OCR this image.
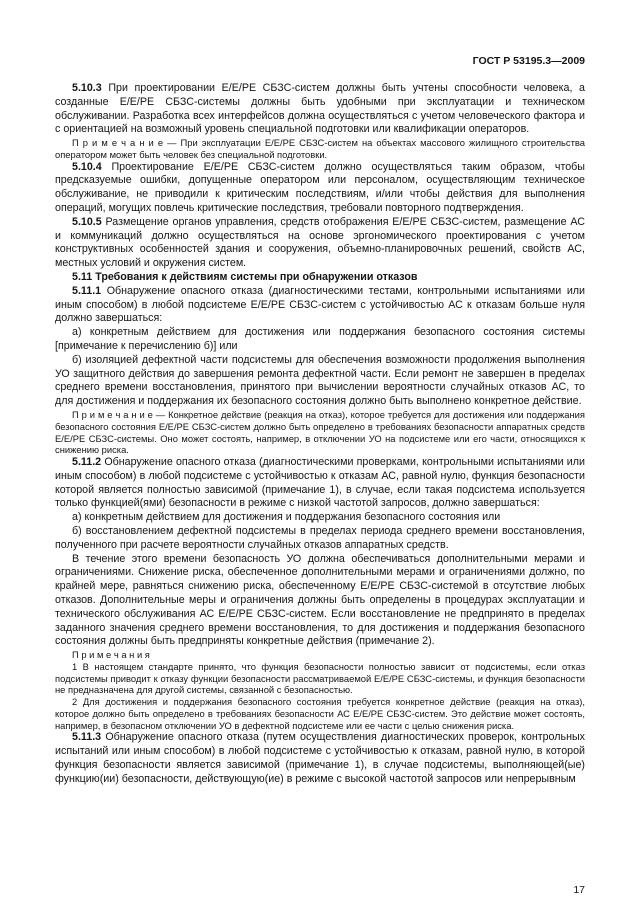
ГОСТ Р 53195.3—2009

5.10.3 При проектировании Е/Е/РЕ СБЗС-систем должны быть учтены способности человека, а созданные Е/Е/РЕ СБЗС-системы должны быть удобными при эксплуатации и техническом обслуживании. Разработка всех интерфейсов должна осуществляться с учетом человеческого фактора и с ориентацией на возможный уровень специальной подготовки или квалификации операторов.

П р и м е ч а н и е — При эксплуатации Е/Е/РЕ СБЗС-систем на объектах массового жилищного строительства оператором может быть человек без специальной подготовки.

5.10.4 Проектирование Е/Е/РЕ СБЗС-систем должно осуществляться таким образом, чтобы предсказуемые ошибки, допущенные оператором или персоналом, осуществляющим техническое обслуживание, не приводили к критическим последствиям, и/или чтобы действия для выполнения операций, могущих повлечь критические последствия, требовали повторного подтверждения.

5.10.5 Размещение органов управления, средств отображения Е/Е/РЕ СБЗС-систем, размещение АС и коммуникаций должно осуществляться на основе эргономического проектирования с учетом конструктивных особенностей здания и сооружения, объемно-планировочных решений, свойств АС, местных условий и окружения систем.

5.11 Требования к действиям системы при обнаружении отказов

5.11.1 Обнаружение опасного отказа (диагностическими тестами, контрольными испытаниями или иным способом) в любой подсистеме Е/Е/РЕ СБЗС-систем с устойчивостью АС к отказам больше нуля должно завершаться:

а) конкретным действием для достижения или поддержания безопасного состояния системы [примечание к перечислению б)] или

б) изоляцией дефектной части подсистемы для обеспечения возможности продолжения выполнения УО защитного действия до завершения ремонта дефектной части. Если ремонт не завершен в пределах среднего времени восстановления, принятого при вычислении вероятности случайных отказов АС, то для достижения и поддержания их безопасного состояния должно быть выполнено конкретное действие.

П р и м е ч а н и е — Конкретное действие (реакция на отказ), которое требуется для достижения или поддержания безопасного состояния Е/Е/РЕ СБЗС-систем должно быть определено в требованиях безопасности аппаратных средств Е/Е/РЕ СБЗС-системы. Оно может состоять, например, в отключении УО на подсистеме или его части, относящихся к снижению риска.

5.11.2 Обнаружение опасного отказа (диагностическими проверками, контрольными испытаниями или иным способом) в любой подсистеме с устойчивостью к отказам АС, равной нулю, функция безопасности которой является полностью зависимой (примечание 1), в случае, если такая подсистема используется только функцией(ями) безопасности в режиме с низкой частотой запросов, должно завершаться:

а) конкретным действием для достижения и поддержания безопасного состояния или

б) восстановлением дефектной подсистемы в пределах периода среднего времени восстановления, полученного при расчете вероятности случайных отказов аппаратных средств.

В течение этого времени безопасность УО должна обеспечиваться дополнительными мерами и ограничениями. Снижение риска, обеспеченное дополнительными мерами и ограничениями должно, по крайней мере, равняться снижению риска, обеспеченному Е/Е/РЕ СБЗС-системой в отсутствие любых отказов. Дополнительные меры и ограничения должны быть определены в процедурах эксплуатации и технического обслуживания АС Е/Е/РЕ СБЗС-систем. Если восстановление не предпринято в пределах заданного значения среднего времени восстановления, то для достижения и поддержания безопасного состояния должны быть предприняты конкретные действия (примечание 2).

П р и м е ч а н и я

1 В настоящем стандарте принято, что функция безопасности полностью зависит от подсистемы, если отказ подсистемы приводит к отказу функции безопасности рассматриваемой Е/Е/РЕ СБЗС-системы, и функция безопасности не предназначена для другой системы, связанной с безопасностью.

2 Для достижения и поддержания безопасного состояния требуется конкретное действие (реакция на отказ), которое должно быть определено в требованиях безопасности АС Е/Е/РЕ СБЗС-систем. Это действие может состоять, например, в безопасном отключении УО в дефектной подсистеме или ее части с целью снижения риска.

5.11.3 Обнаружение опасного отказа (путем осуществления диагностических проверок, контрольных испытаний или иным способом) в любой подсистеме с устойчивостью к отказам, равной нулю, в которой функция безопасности является зависимой (примечание 1), в случае подсистемы, выполняющей(ые) функцию(ии) безопасности, действующую(ие) в режиме с высокой частотой запросов или непрерывным

17
